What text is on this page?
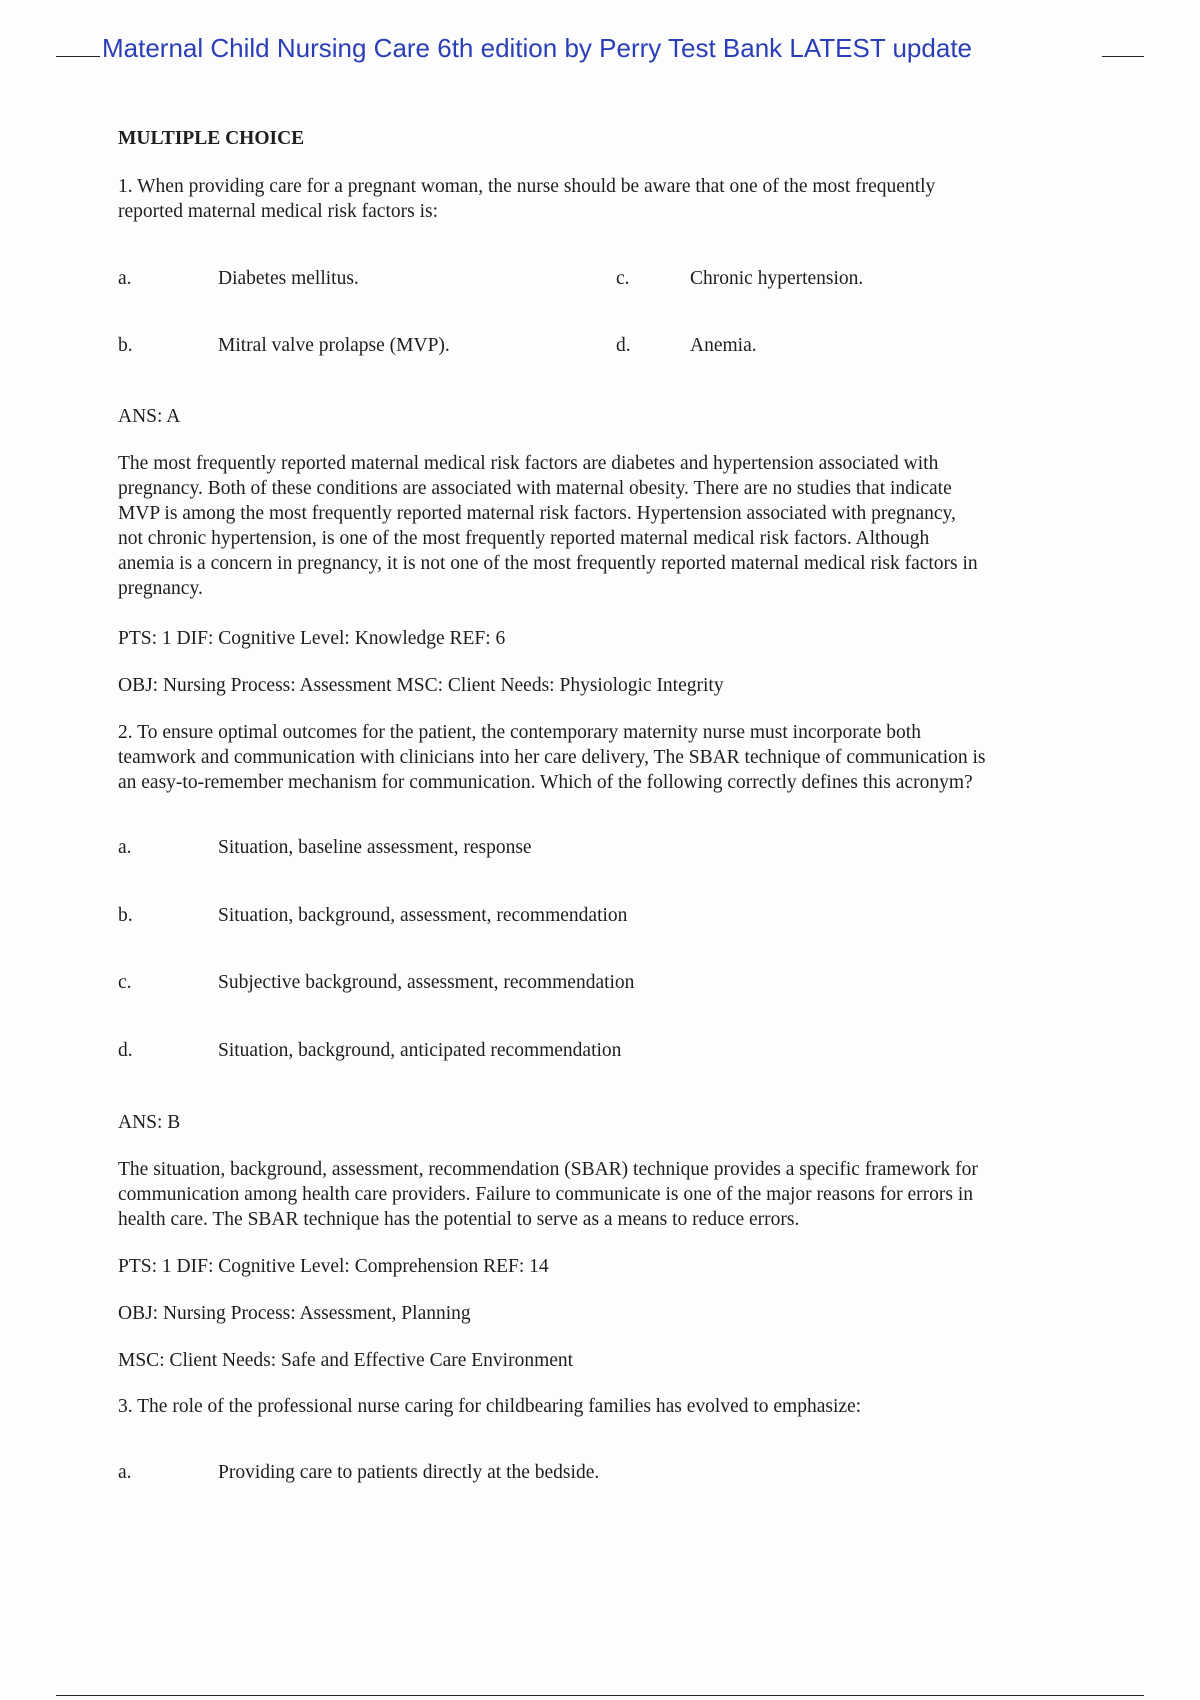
Maternal Child Nursing Care 6th edition by Perry Test Bank LATEST update
MULTIPLE CHOICE
1. When providing care for a pregnant woman, the nurse should be aware that one of the most frequently
reported maternal medical risk factors is:
a.	Diabetes mellitus.	c.	Chronic hypertension.
b.	Mitral valve prolapse (MVP).	d.	Anemia.
ANS: A
The most frequently reported maternal medical risk factors are diabetes and hypertension associated with
pregnancy. Both of these conditions are associated with maternal obesity. There are no studies that indicate
MVP is among the most frequently reported maternal risk factors. Hypertension associated with pregnancy,
not chronic hypertension, is one of the most frequently reported maternal medical risk factors. Although
anemia is a concern in pregnancy, it is not one of the most frequently reported maternal medical risk factors in
pregnancy.
PTS: 1 DIF: Cognitive Level: Knowledge REF: 6
OBJ: Nursing Process: Assessment MSC: Client Needs: Physiologic Integrity
2. To ensure optimal outcomes for the patient, the contemporary maternity nurse must incorporate both
teamwork and communication with clinicians into her care delivery, The SBAR technique of communication is
an easy-to-remember mechanism for communication. Which of the following correctly defines this acronym?
a.	Situation, baseline assessment, response
b.	Situation, background, assessment, recommendation
c.	Subjective background, assessment, recommendation
d.	Situation, background, anticipated recommendation
ANS: B
The situation, background, assessment, recommendation (SBAR) technique provides a specific framework for
communication among health care providers. Failure to communicate is one of the major reasons for errors in
health care. The SBAR technique has the potential to serve as a means to reduce errors.
PTS: 1 DIF: Cognitive Level: Comprehension REF: 14
OBJ: Nursing Process: Assessment, Planning
MSC: Client Needs: Safe and Effective Care Environment
3. The role of the professional nurse caring for childbearing families has evolved to emphasize:
a.	Providing care to patients directly at the bedside.
